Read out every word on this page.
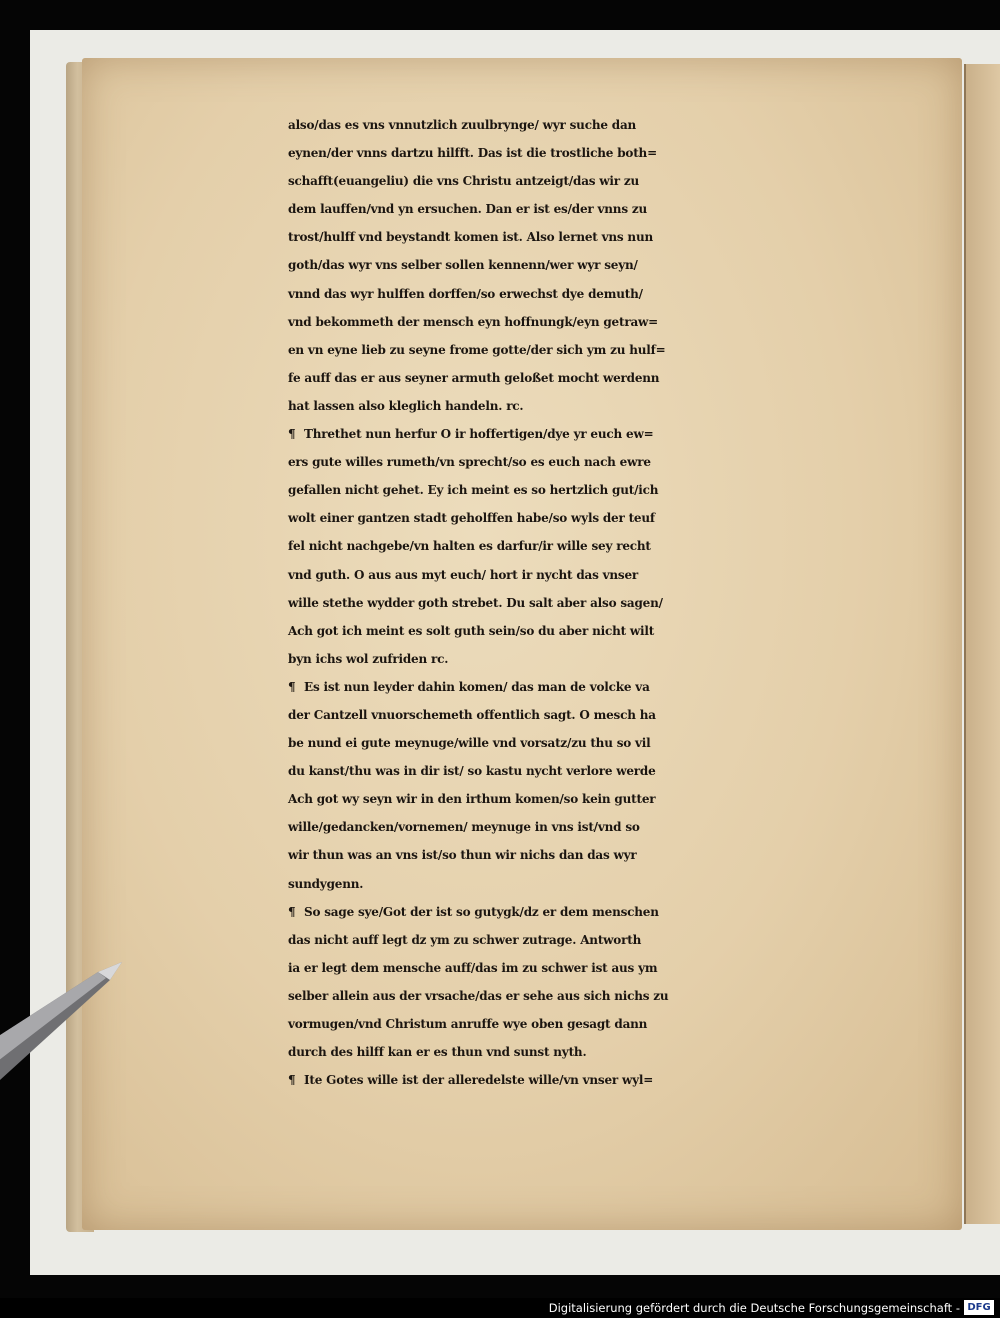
also/das es vns vnnutzlich zuulbrynge/ wyr suche dan
eynen/der vnns dartzu hilfft. Das ist die trostliche both=
schafft(euangeliu) die vns Christu antzeigt/das wir zu
dem lauffen/vnd yn ersuchen. Dan er ist es/der vnns zu
trost/hulff vnd beystandt komen ist. Also lernet vns nun
goth/das wyr vns selber sollen kennenn/wer wyr seyn/
vnnd das wyr hulffen dorffen/so erwechst dye demuth/
vnd bekommeth der mensch eyn hoffnungk/eyn getraw=
en vn eyne lieb zu seyne frome gotte/der sich ym zu hulf=
fe auff das er aus seyner armuth geloßet mocht werdenn
hat lassen also kleglich handeln. rc.
¶ Threthet nun herfur O ir hoffertigen/dye yr euch ew=
ers gute willes rumeth/vn sprecht/so es euch nach ewre
gefallen nicht gehet. Ey ich meint es so hertzlich gut/ich
wolt einer gantzen stadt geholffen habe/so wyls der teuf
fel nicht nachgebe/vn halten es darfur/ir wille sey recht
vnd guth. O aus aus myt euch/ hort ir nycht das vnser
wille stethe wydder goth strebet. Du salt aber also sagen/
Ach got ich meint es solt guth sein/so du aber nicht wilt
byn ichs wol zufriden rc.
¶ Es ist nun leyder dahin komen/ das man de volcke va
der Cantzell vnuorschemeth offentlich sagt. O mesch ha
be nund ei gute meynuge/wille vnd vorsatz/zu thu so vil
du kanst/thu was in dir ist/ so kastu nycht verlore werde
Ach got wy seyn wir in den irthum komen/so kein gutter
wille/gedancken/vornemen/ meynuge in vns ist/vnd so
wir thun was an vns ist/so thun wir nichs dan das wyr
sundygenn.
¶ So sage sye/Got der ist so gutygk/dz er dem menschen
das nicht auff legt dz ym zu schwer zutrage. Antworth
ia er legt dem mensche auff/das im zu schwer ist aus ym
selber allein aus der vrsache/das er sehe aus sich nichs zu
vormugen/vnd Christum anruffe wye oben gesagt dann
durch des hilff kan er es thun vnd sunst nyth.
¶ Ite Gotes wille ist der alleredelste wille/vn vnser wyl=
Digitalisierung gefördert durch die Deutsche Forschungsgemeinschaft - DFG
